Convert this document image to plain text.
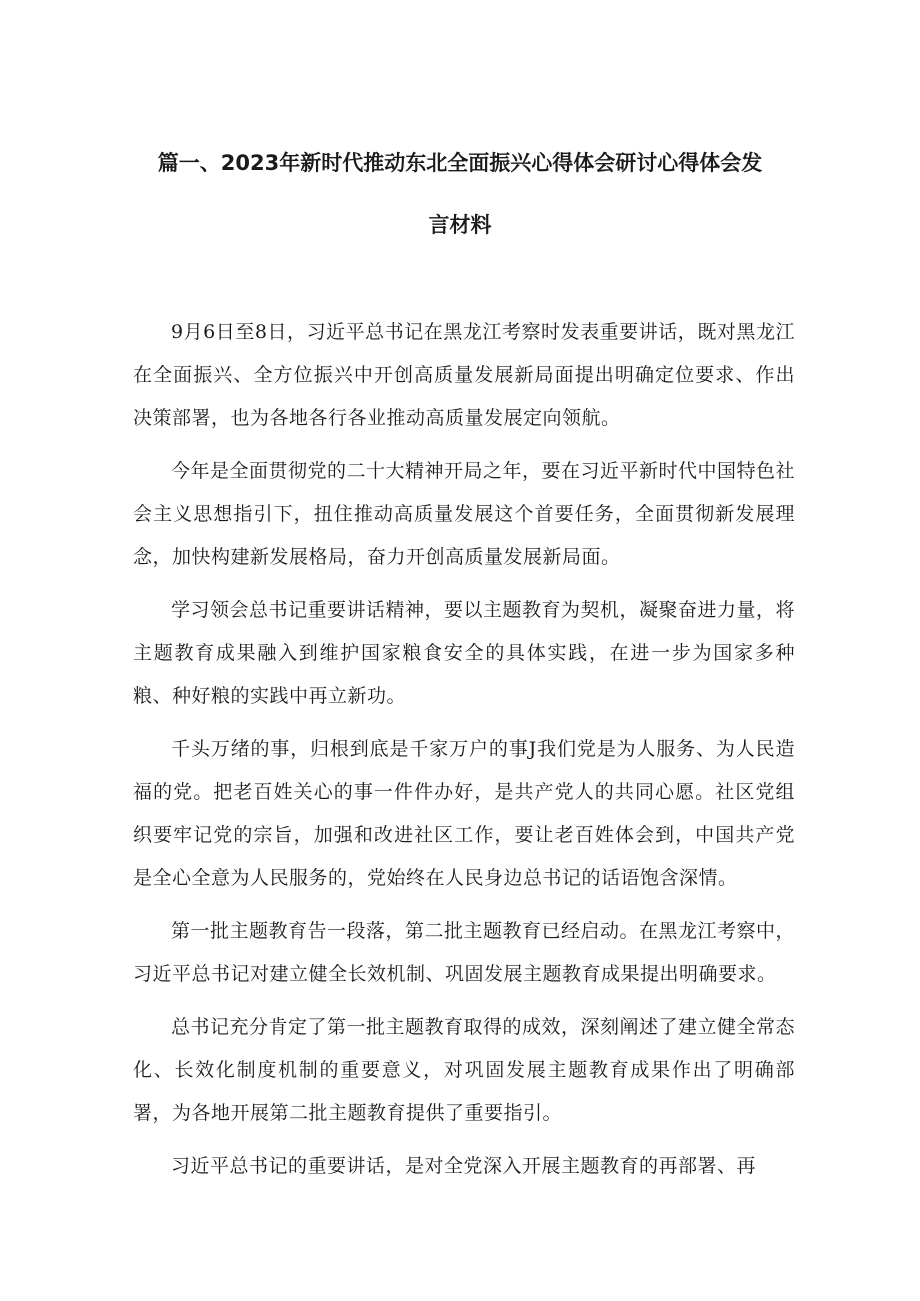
篇一、2023年新时代推动东北全面振兴心得体会研讨心得体会发
言材料

9月6日至8日，习近平总书记在黑龙江考察时发表重要讲话，既对黑龙江在全面振兴、全方位振兴中开创高质量发展新局面提出明确定位要求、作出决策部署，也为各地各行各业推动高质量发展定向领航。

今年是全面贯彻党的二十大精神开局之年，要在习近平新时代中国特色社会主义思想指引下，扭住推动高质量发展这个首要任务，全面贯彻新发展理念，加快构建新发展格局，奋力开创高质量发展新局面。

学习领会总书记重要讲话精神，要以主题教育为契机，凝聚奋进力量，将主题教育成果融入到维护国家粮食安全的具体实践，在进一步为国家多种粮、种好粮的实践中再立新功。

千头万绪的事，归根到底是千家万户的事J我们党是为人服务、为人民造福的党。把老百姓关心的事一件件办好，是共产党人的共同心愿。社区党组织要牢记党的宗旨，加强和改进社区工作，要让老百姓体会到，中国共产党是全心全意为人民服务的，党始终在人民身边总书记的话语饱含深情。

第一批主题教育告一段落，第二批主题教育已经启动。在黑龙江考察中，习近平总书记对建立健全长效机制、巩固发展主题教育成果提出明确要求。

总书记充分肯定了第一批主题教育取得的成效，深刻阐述了建立健全常态化、长效化制度机制的重要意义，对巩固发展主题教育成果作出了明确部署，为各地开展第二批主题教育提供了重要指引。

习近平总书记的重要讲话，是对全党深入开展主题教育的再部署、再
